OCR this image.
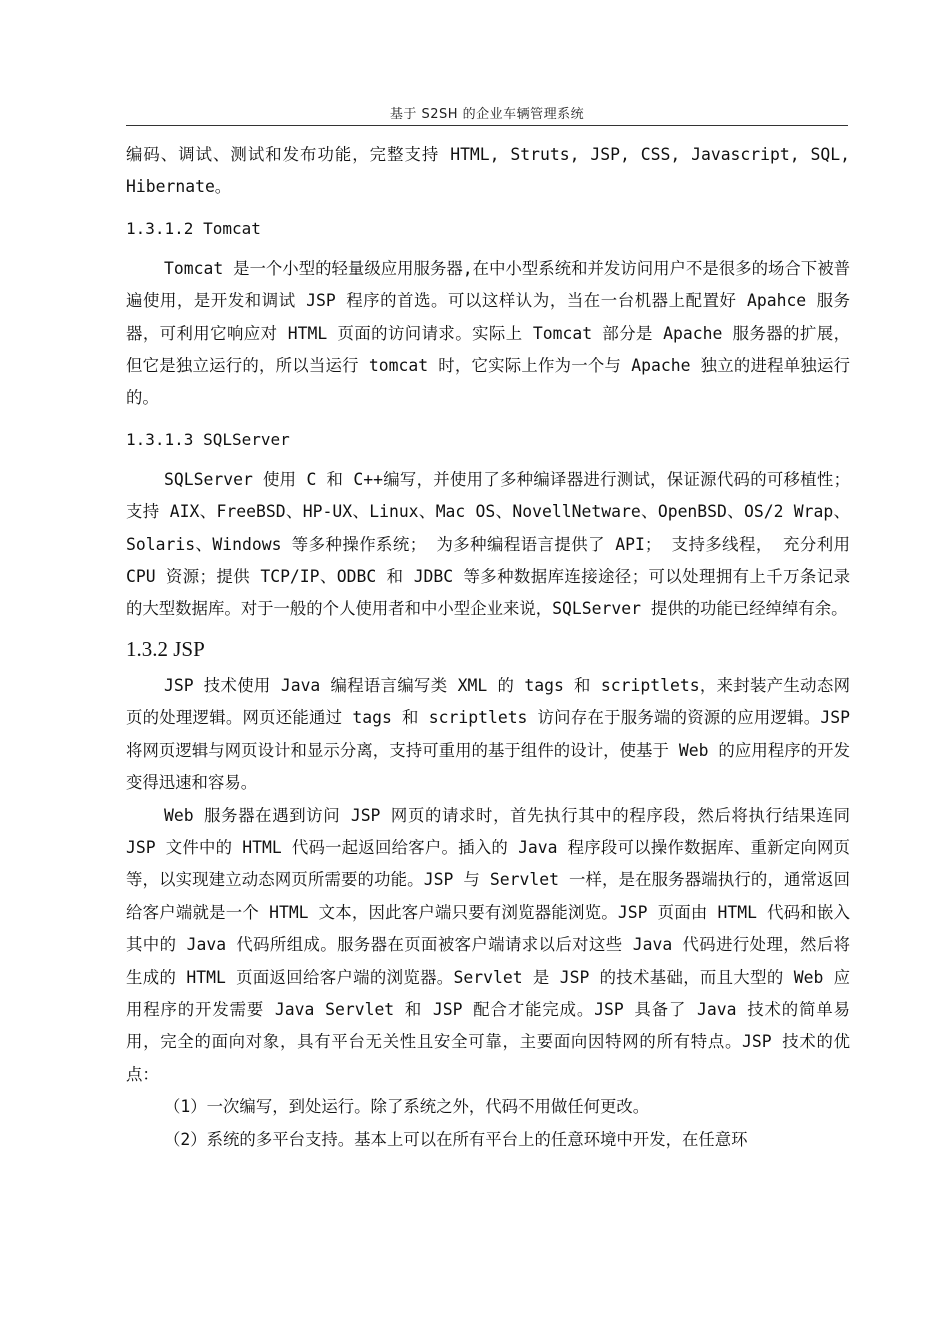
基于 S2SH 的企业车辆管理系统

编码、调试、测试和发布功能，完整支持 HTML, Struts, JSP, CSS, Javascript, SQL, Hibernate。

1.3.1.2 Tomcat

Tomcat 是一个小型的轻量级应用服务器,在中小型系统和并发访问用户不是很多的场合下被普遍使用，是开发和调试 JSP 程序的首选。可以这样认为，当在一台机器上配置好 Apahce 服务器，可利用它响应对 HTML 页面的访问请求。实际上 Tomcat 部分是 Apache 服务器的扩展，但它是独立运行的，所以当运行 tomcat 时，它实际上作为一个与 Apache 独立的进程单独运行的。

1.3.1.3 SQLServer

SQLServer 使用 C 和 C++编写，并使用了多种编译器进行测试，保证源代码的可移植性；支持 AIX、FreeBSD、HP-UX、Linux、Mac OS、NovellNetware、OpenBSD、OS/2 Wrap、Solaris、Windows 等多种操作系统； 为多种编程语言提供了 API； 支持多线程， 充分利用 CPU 资源；提供 TCP/IP、ODBC 和 JDBC 等多种数据库连接途径；可以处理拥有上千万条记录的大型数据库。对于一般的个人使用者和中小型企业来说，SQLServer 提供的功能已经绰绰有余。

1.3.2 JSP

JSP 技术使用 Java 编程语言编写类 XML 的 tags 和 scriptlets，来封装产生动态网页的处理逻辑。网页还能通过 tags 和 scriptlets 访问存在于服务端的资源的应用逻辑。JSP 将网页逻辑与网页设计和显示分离，支持可重用的基于组件的设计，使基于 Web 的应用程序的开发变得迅速和容易。

Web 服务器在遇到访问 JSP 网页的请求时，首先执行其中的程序段，然后将执行结果连同 JSP 文件中的 HTML 代码一起返回给客户。插入的 Java 程序段可以操作数据库、重新定向网页等，以实现建立动态网页所需要的功能。JSP 与 Servlet 一样，是在服务器端执行的，通常返回给客户端就是一个 HTML 文本，因此客户端只要有浏览器能浏览。JSP 页面由 HTML 代码和嵌入其中的 Java 代码所组成。服务器在页面被客户端请求以后对这些 Java 代码进行处理，然后将生成的 HTML 页面返回给客户端的浏览器。Servlet 是 JSP 的技术基础，而且大型的 Web 应用程序的开发需要 Java Servlet 和 JSP 配合才能完成。JSP 具备了 Java 技术的简单易用，完全的面向对象，具有平台无关性且安全可靠，主要面向因特网的所有特点。JSP 技术的优点：

（1）一次编写，到处运行。除了系统之外，代码不用做任何更改。

（2）系统的多平台支持。基本上可以在所有平台上的任意环境中开发，在任意环
